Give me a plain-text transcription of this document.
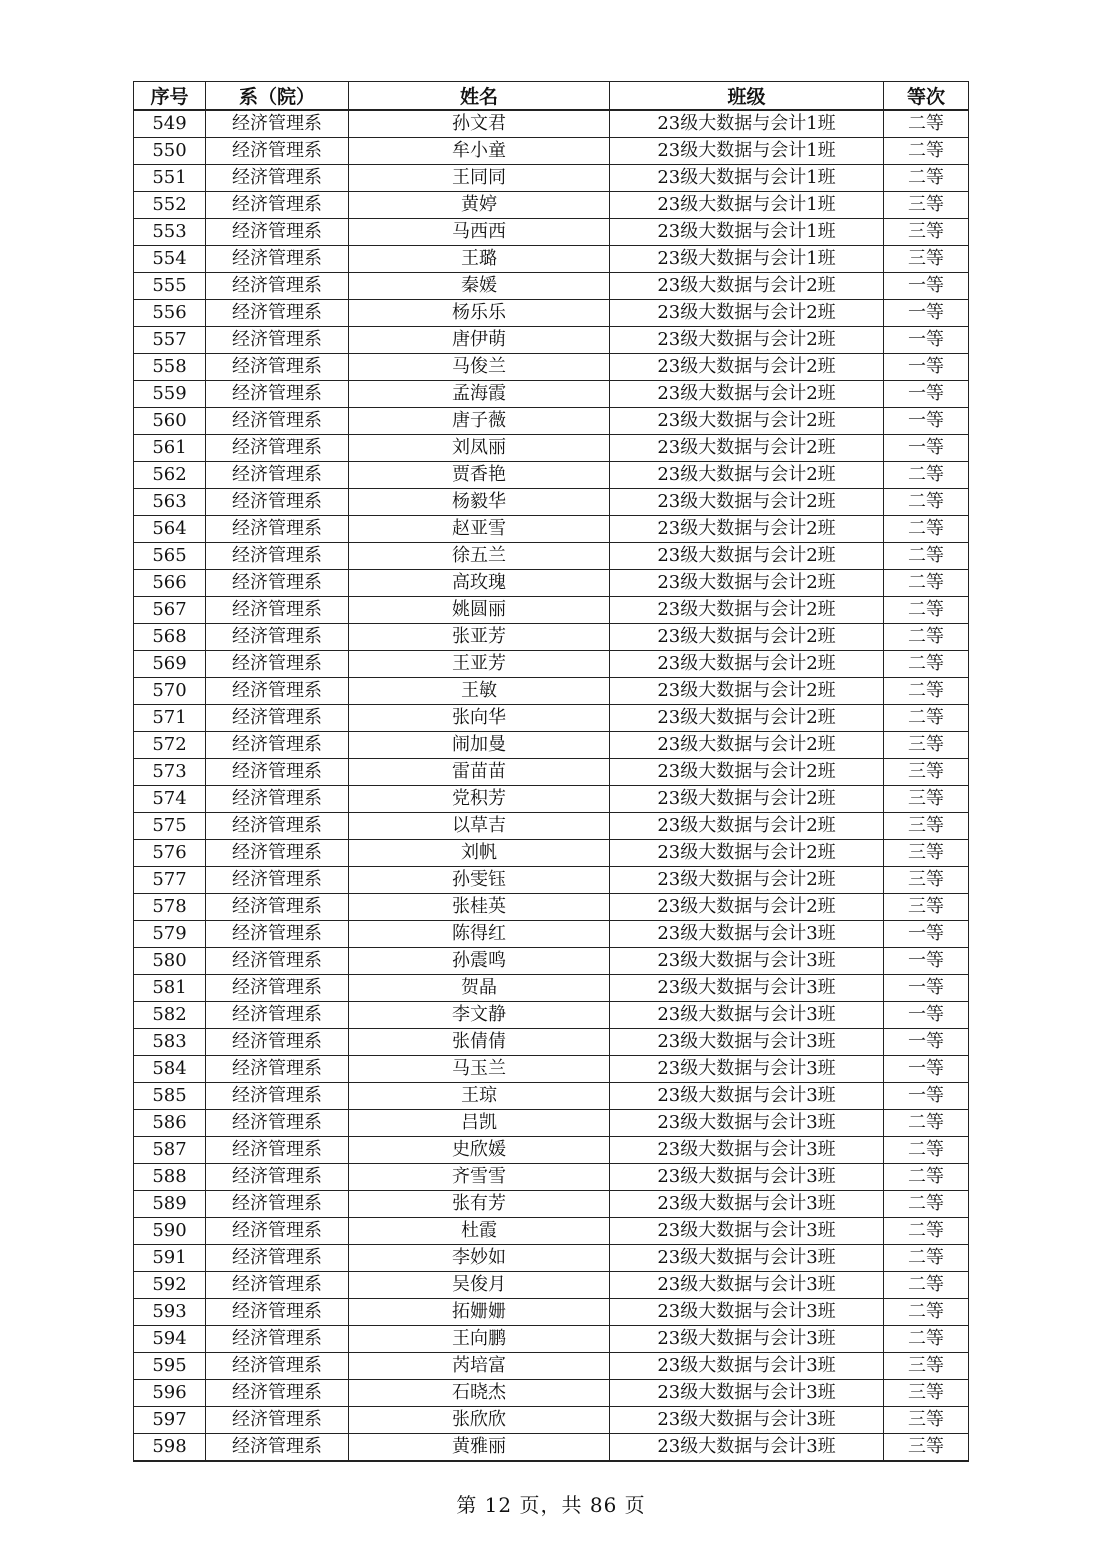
序号	系（院）	姓名	班级	等次
549	经济管理系	孙文君	23级大数据与会计1班	二等
550	经济管理系	牟小童	23级大数据与会计1班	二等
551	经济管理系	王同同	23级大数据与会计1班	二等
552	经济管理系	黄婷	23级大数据与会计1班	三等
553	经济管理系	马西西	23级大数据与会计1班	三等
554	经济管理系	王璐	23级大数据与会计1班	三等
555	经济管理系	秦媛	23级大数据与会计2班	一等
556	经济管理系	杨乐乐	23级大数据与会计2班	一等
557	经济管理系	唐伊萌	23级大数据与会计2班	一等
558	经济管理系	马俊兰	23级大数据与会计2班	一等
559	经济管理系	孟海霞	23级大数据与会计2班	一等
560	经济管理系	唐子薇	23级大数据与会计2班	一等
561	经济管理系	刘凤丽	23级大数据与会计2班	一等
562	经济管理系	贾香艳	23级大数据与会计2班	二等
563	经济管理系	杨毅华	23级大数据与会计2班	二等
564	经济管理系	赵亚雪	23级大数据与会计2班	二等
565	经济管理系	徐五兰	23级大数据与会计2班	二等
566	经济管理系	高玫瑰	23级大数据与会计2班	二等
567	经济管理系	姚圆丽	23级大数据与会计2班	二等
568	经济管理系	张亚芳	23级大数据与会计2班	二等
569	经济管理系	王亚芳	23级大数据与会计2班	二等
570	经济管理系	王敏	23级大数据与会计2班	二等
571	经济管理系	张向华	23级大数据与会计2班	二等
572	经济管理系	闹加曼	23级大数据与会计2班	三等
573	经济管理系	雷苗苗	23级大数据与会计2班	三等
574	经济管理系	党积芳	23级大数据与会计2班	三等
575	经济管理系	以草吉	23级大数据与会计2班	三等
576	经济管理系	刘帆	23级大数据与会计2班	三等
577	经济管理系	孙雯钰	23级大数据与会计2班	三等
578	经济管理系	张桂英	23级大数据与会计2班	三等
579	经济管理系	陈得红	23级大数据与会计3班	一等
580	经济管理系	孙震鸣	23级大数据与会计3班	一等
581	经济管理系	贺晶	23级大数据与会计3班	一等
582	经济管理系	李文静	23级大数据与会计3班	一等
583	经济管理系	张倩倩	23级大数据与会计3班	一等
584	经济管理系	马玉兰	23级大数据与会计3班	一等
585	经济管理系	王琼	23级大数据与会计3班	一等
586	经济管理系	吕凯	23级大数据与会计3班	二等
587	经济管理系	史欣媛	23级大数据与会计3班	二等
588	经济管理系	齐雪雪	23级大数据与会计3班	二等
589	经济管理系	张有芳	23级大数据与会计3班	二等
590	经济管理系	杜霞	23级大数据与会计3班	二等
591	经济管理系	李妙如	23级大数据与会计3班	二等
592	经济管理系	吴俊月	23级大数据与会计3班	二等
593	经济管理系	拓姗姗	23级大数据与会计3班	二等
594	经济管理系	王向鹏	23级大数据与会计3班	二等
595	经济管理系	芮培富	23级大数据与会计3班	三等
596	经济管理系	石晓杰	23级大数据与会计3班	三等
597	经济管理系	张欣欣	23级大数据与会计3班	三等
598	经济管理系	黄雅丽	23级大数据与会计3班	三等
第 12 页，共 86 页
